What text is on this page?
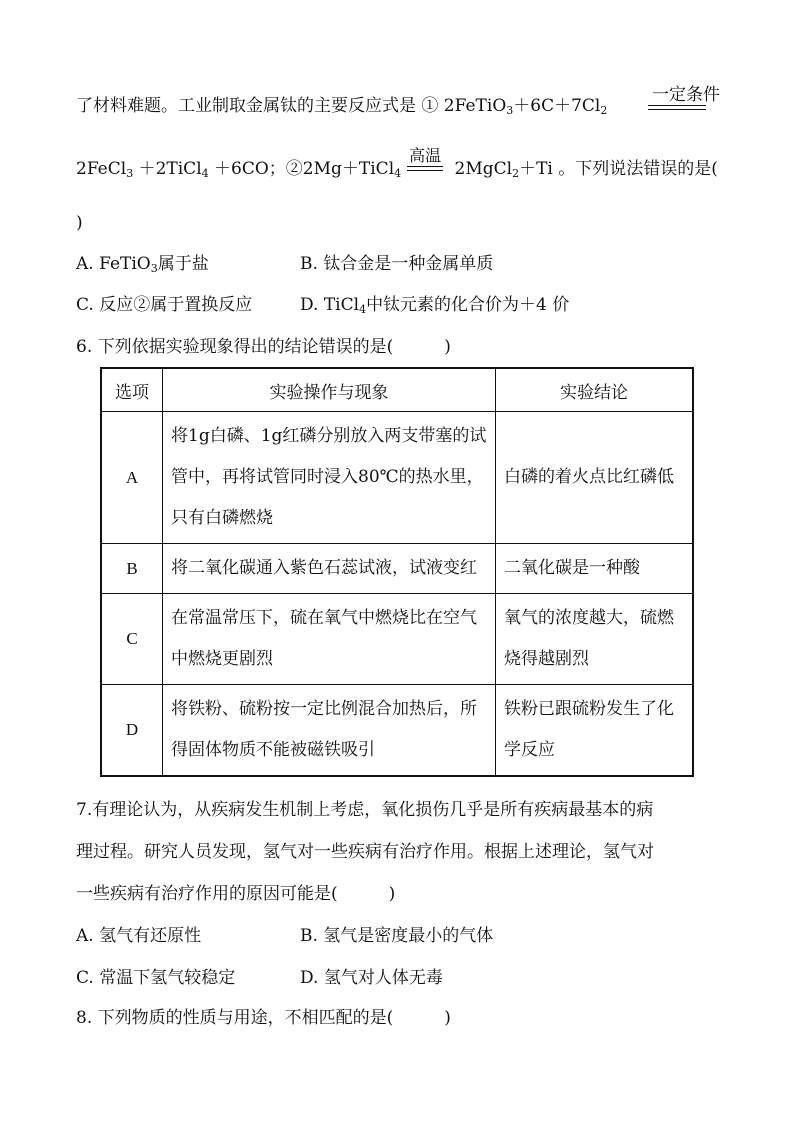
了材料难题。工业制取金属钛的主要反应式是 ① $2FeTiO_3+6C+7Cl_2$
一定条件
2FeCl$_3$ ＋2TiCl$_4$ ＋6CO；②2Mg＋TiCl$_4$
高温
2MgCl$_2$＋Ti 。下列说法错误的是(
)
A. FeTiO$_3$属于盐	B. 钛合金是一种金属单质
C. 反应②属于置换反应	D. TiCl$_4$中钛元素的化合价为＋4 价
6. 下列依据实验现象得出的结论错误的是(　　　)
选项	实验操作与现象	实验结论
A	将1g白磷、1g红磷分别放入两支带塞的试管中，再将试管同时浸入80℃的热水里，只有白磷燃烧	白磷的着火点比红磷低
B	将二氧化碳通入紫色石蕊试液，试液变红	二氧化碳是一种酸
C	在常温常压下，硫在氧气中燃烧比在空气中燃烧更剧烈	氧气的浓度越大，硫燃烧得越剧烈
D	将铁粉、硫粉按一定比例混合加热后，所得固体物质不能被磁铁吸引	铁粉已跟硫粉发生了化学反应
7.有理论认为，从疾病发生机制上考虑，氧化损伤几乎是所有疾病最基本的病
理过程。研究人员发现，氢气对一些疾病有治疗作用。根据上述理论，氢气对
一些疾病有治疗作用的原因可能是(　　　)
A. 氢气有还原性	B. 氢气是密度最小的气体
C. 常温下氢气较稳定	D. 氢气对人体无毒
8. 下列物质的性质与用途，不相匹配的是(　　　)
